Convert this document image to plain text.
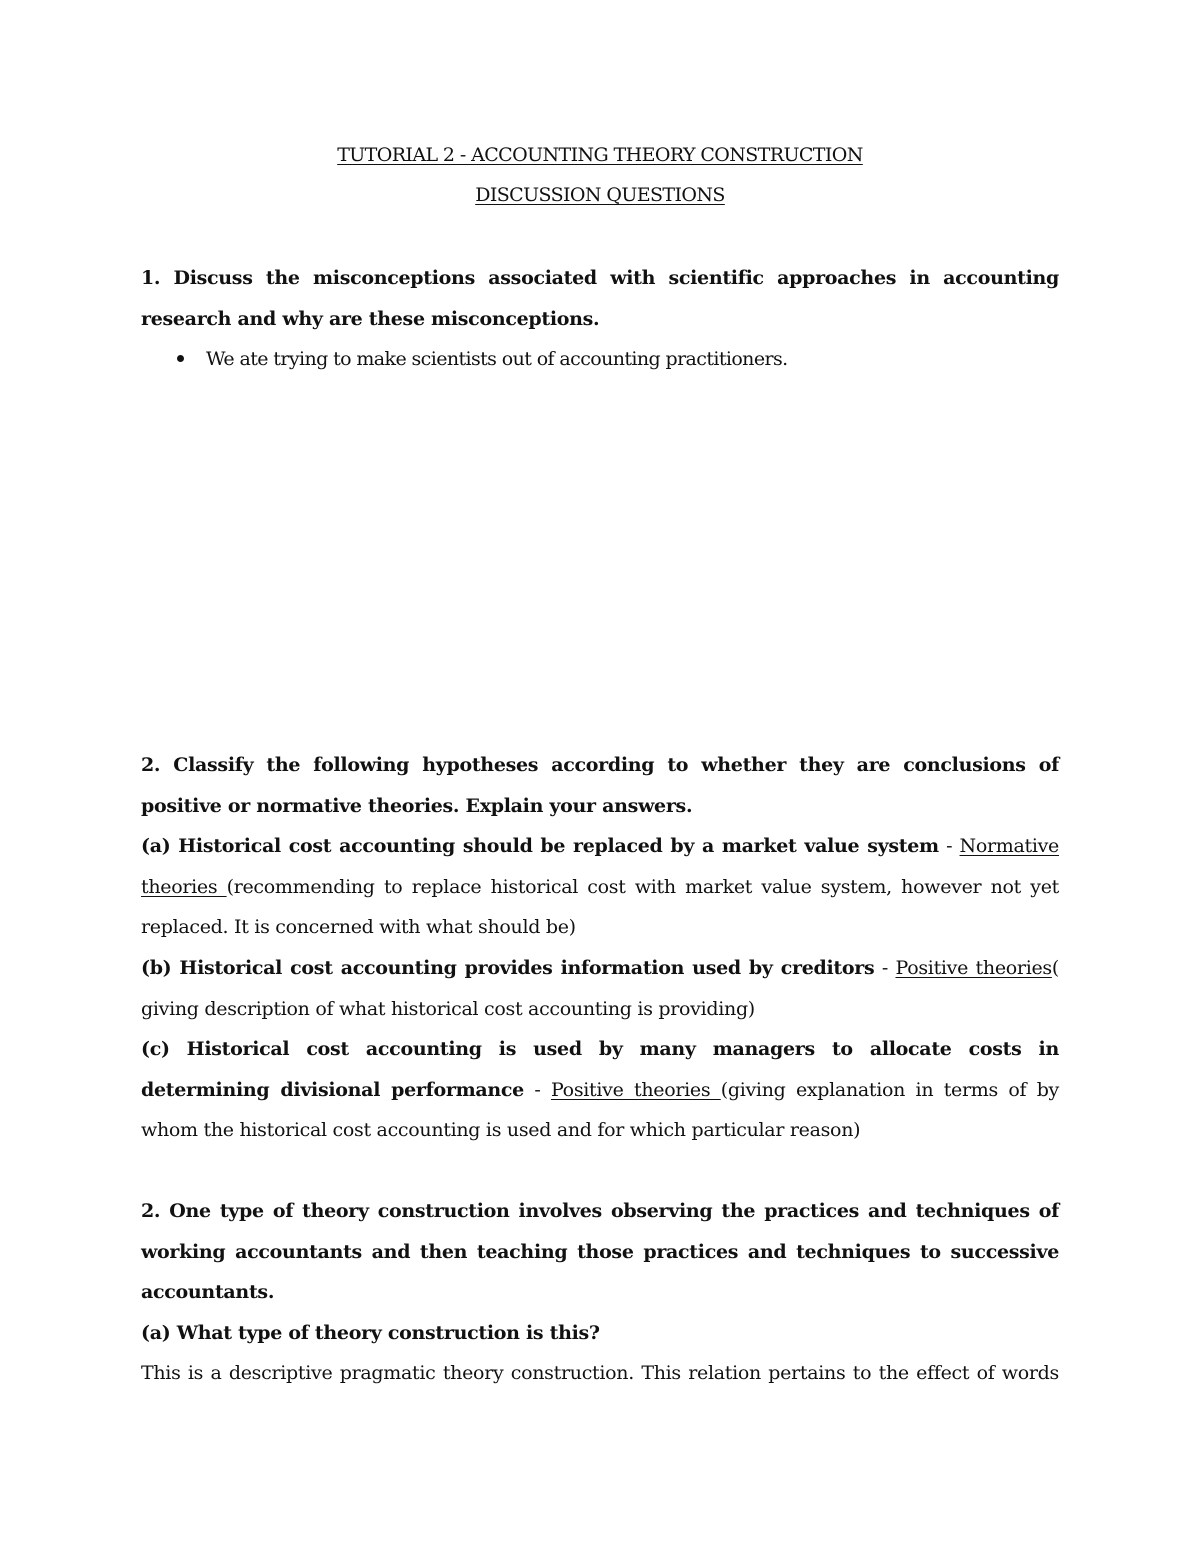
TUTORIAL 2 - ACCOUNTING THEORY CONSTRUCTION
DISCUSSION QUESTIONS
1. Discuss the misconceptions associated with scientific approaches in accounting research and why are these misconceptions.
We ate trying to make scientists out of accounting practitioners.
2. Classify the following hypotheses according to whether they are conclusions of positive or normative theories. Explain your answers.
(a) Historical cost accounting should be replaced by a market value system - Normative theories (recommending to replace historical cost with market value system, however not yet replaced. It is concerned with what should be)
(b) Historical cost accounting provides information used by creditors - Positive theories( giving description of what historical cost accounting is providing)
(c) Historical cost accounting is used by many managers to allocate costs in determining divisional performance - Positive theories (giving explanation in terms of by whom the historical cost accounting is used and for which particular reason)
2. One type of theory construction involves observing the practices and techniques of working accountants and then teaching those practices and techniques to successive accountants.
(a) What type of theory construction is this?
This is a descriptive pragmatic theory construction. This relation pertains to the effect of words
